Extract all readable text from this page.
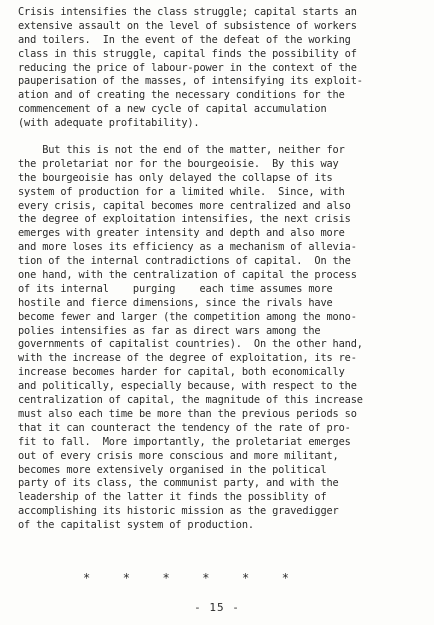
Crisis intensifies the class struggle; capital starts an
extensive assault on the level of subsistence of workers
and toilers.  In the event of the defeat of the working
class in this struggle, capital finds the possibility of
reducing the price of labour-power in the context of the
pauperisation of the masses, of intensifying its exploit-
ation and of creating the necessary conditions for the
commencement of a new cycle of capital accumulation
(with adequate profitability).
But this is not the end of the matter, neither for
the proletariat nor for the bourgeoisie.  By this way
the bourgeoisie has only delayed the collapse of its
system of production for a limited while.  Since, with
every crisis, capital becomes more centralized and also
the degree of exploitation intensifies, the next crisis
emerges with greater intensity and depth and also more
and more loses its efficiency as a mechanism of allevia-
tion of the internal contradictions of capital.  On the
one hand, with the centralization of capital the process
of its internal    purging    each time assumes more
hostile and fierce dimensions, since the rivals have
become fewer and larger (the competition among the mono-
polies intensifies as far as direct wars among the
governments of capitalist countries).  On the other hand,
with the increase of the degree of exploitation, its re-
increase becomes harder for capital, both economically
and politically, especially because, with respect to the
centralization of capital, the magnitude of this increase
must also each time be more than the previous periods so
that it can counteract the tendency of the rate of pro-
fit to fall.  More importantly, the proletariat emerges
out of every crisis more conscious and more militant,
becomes more extensively organised in the political
party of its class, the communist party, and with the
leadership of the latter it finds the possiblity of
accomplishing its historic mission as the gravedigger
of the capitalist system of production.
*	*	*	*	*	*
- 15 -
